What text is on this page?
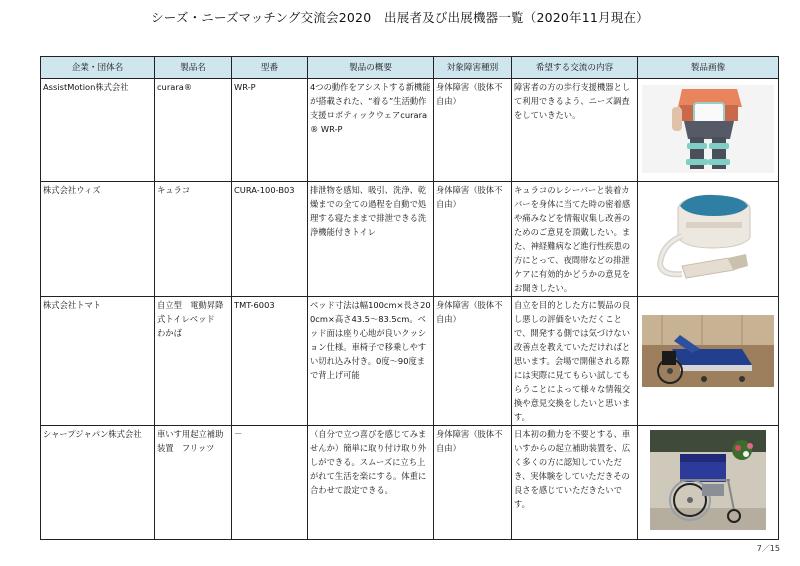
シーズ・ニーズマッチング交流会2020　出展者及び出展機器一覧（2020年11月現在）
企業・団体名	製品名	型番	製品の概要	対象障害種別	希望する交流の内容	製品画像
AssistMotion株式会社	curara®	WR-P	4つの動作をアシストする新機能が搭載された、“着る”生活動作支援ロボティックウェアcurara® WR-P	身体障害（肢体不自由）	障害者の方の歩行支援機器として利用できるよう、ニーズ調査をしていきたい。	

株式会社ウィズ	キュラコ	CURA-100-B03	排泄物を感知、吸引、洗浄、乾燥までの全ての過程を自動で処理する寝たままで排泄できる洗浄機能付きトイレ	身体障害（肢体不自由）	キュラコのレシーバーと装着カバーを身体に当てた時の密着感や痛みなどを情報収集し改善のためのご意見を頂戴したい。また、神経難病など進行性疾患の方にとって、夜間帯などの排泄ケアに有効的かどうかの意見をお聞きしたい。	

株式会社トマト	自立型　電動昇降式トイレベッド　わかば	TMT-6003	ベッド寸法は幅100cm×長さ200cm×高さ43.5～83.5cm。ベッド面は座り心地が良いクッション仕様。車椅子で移乗しやすい切れ込み付き。0度～90度まで背上げ可能	身体障害（肢体不自由）	自立を目的とした方に製品の良し悪しの評価をいただくことで、開発する側では気づけない改善点を教えていただければと思います。会場で開催される際には実際に見てもらい試してもらうことによって様々な情報交換や意見交換をしたいと思います。	

シャープジャパン株式会社	車いす用起立補助装置　フリッツ	－	（自分で立つ喜びを感じてみませんか）簡単に取り付け取り外しができる。スムーズに立ち上がれて生活を楽にする。体重に合わせて設定できる。	身体障害（肢体不自由）	日本初の動力を不要とする、車いすからの起立補助装置を、広く多くの方に認知していただき、実体験をしていただきその良さを感じていただきたいです。	
7／15
